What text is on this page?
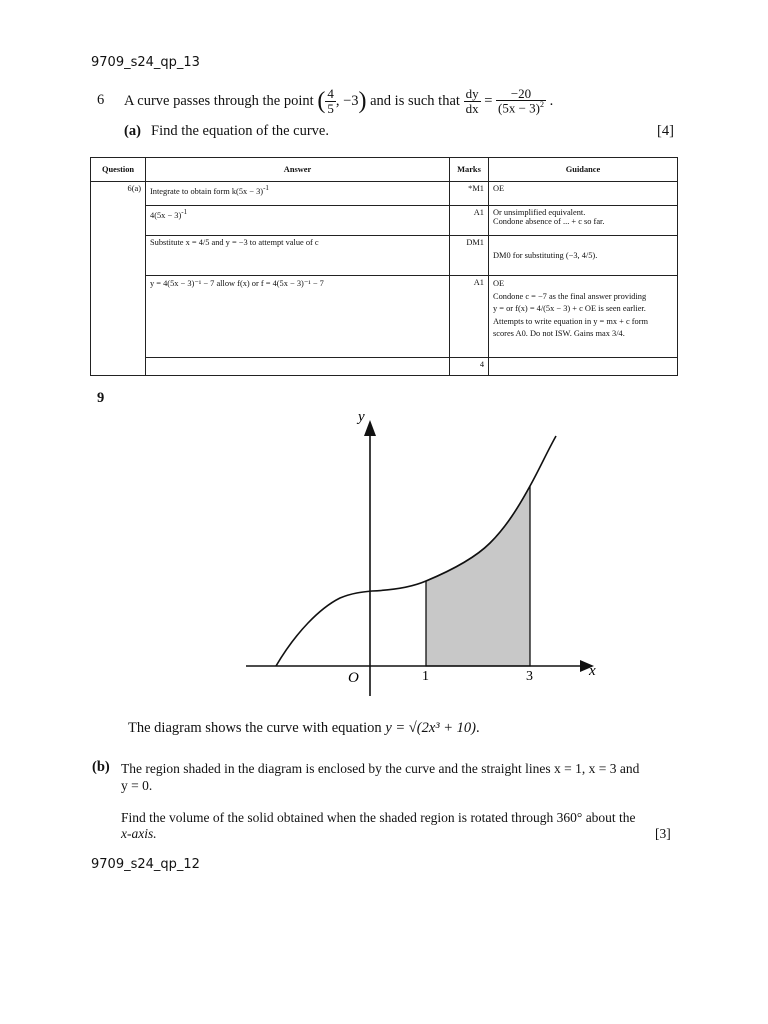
9709_s24_qp_13
6 A curve passes through the point
( $\frac{4}{5}$ , −3 )
and is such that
$\frac{dy}{dx} = \frac{-20}{(5x - 3)^2}$
.
(a) Find the equation of the curve.	[4]
Question	Answer	Marks	Guidance
6(a)	Integrate to obtain form $k(5x - 3)^{-1}$	*M1	OE

	$4(5x - 3)^{-1}$	A1	Or unsimplified equivalent.
Condone absence of ... + c so far.

	Substitute x = 4/5 and y = −3 to attempt value of c	DM1	DM0 for substituting (−3, 4/5).

	y = 4(5x − 3)⁻¹ − 7 allow f(x) or f = 4(5x − 3)⁻¹ − 7	A1	OE
Condone c = −7 as the final answer providing
y = or f(x) = 4/(5x − 3) + c OE is seen earlier.
Attempts to write equation in y = mx + c form
scores A0. Do not ISW. Gains max 3/4.

		4	
9
y
x
O	1	3
The diagram shows the curve with equation y = √(2x³ + 10).
(b) The region shaded in the diagram is enclosed by the curve and the straight lines x = 1, x = 3 and
y = 0.
Find the volume of the solid obtained when the shaded region is rotated through 360° about the
x-axis.	[3]
9709_s24_qp_12
